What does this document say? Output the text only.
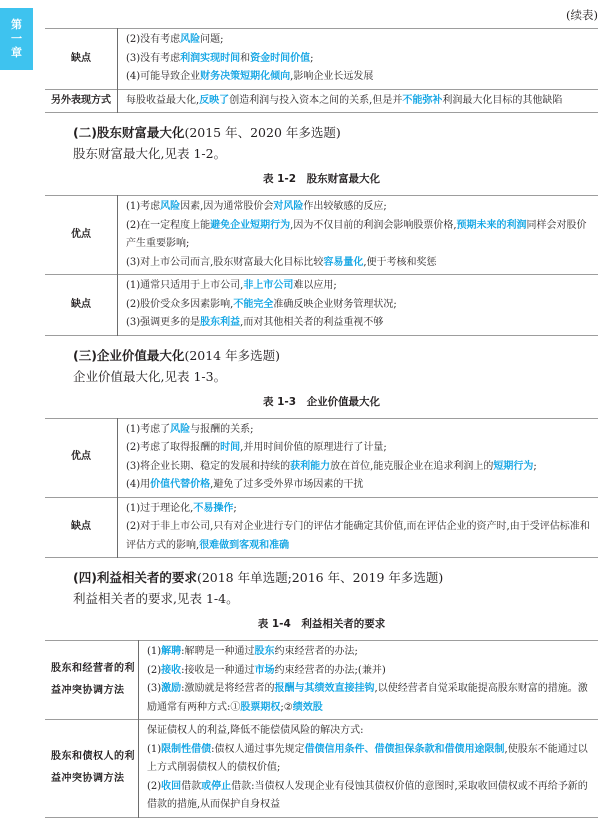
第
一
章
(续表)
缺点	(2)没有考虑风险问题;
(3)没有考虑利润实现时间和资金时间价值;
(4)可能导致企业财务决策短期化倾向,影响企业长远发展

另外表现方式	每股收益最大化,反映了创造利润与投入资本之间的关系,但是并不能弥补利润最大化目标的其他缺陷
(二)股东财富最大化(2015 年、2020 年多选题)
股东财富最大化,见表 1-2。
表 1-2　股东财富最大化
优点	(1)考虑风险因素,因为通常股价会对风险作出较敏感的反应;
(2)在一定程度上能避免企业短期行为,因为不仅目前的利润会影响股票价格,预期未来的利润同样会对股价产生重要影响;
(3)对上市公司而言,股东财富最大化目标比较容易量化,便于考核和奖惩

缺点	(1)通常只适用于上市公司,非上市公司难以应用;
(2)股价受众多因素影响,不能完全准确反映企业财务管理状况;
(3)强调更多的是股东利益,而对其他相关者的利益重视不够
(三)企业价值最大化(2014 年多选题)
企业价值最大化,见表 1-3。
表 1-3　企业价值最大化
优点	(1)考虑了风险与报酬的关系;
(2)考虑了取得报酬的时间,并用时间价值的原理进行了计量;
(3)将企业长期、稳定的发展和持续的获利能力放在首位,能克服企业在追求利润上的短期行为;
(4)用价值代替价格,避免了过多受外界市场因素的干扰

缺点	(1)过于理论化,不易操作;
(2)对于非上市公司,只有对企业进行专门的评估才能确定其价值,而在评估企业的资产时,由于受评估标准和评估方式的影响,很难做到客观和准确
(四)利益相关者的要求(2018 年单选题;2016 年、2019 年多选题)
利益相关者的要求,见表 1-4。
表 1-4　利益相关者的要求
股东和经营者的利益冲突协调方法	(1)解聘:解聘是一种通过股东约束经营者的办法;
(2)接收:接收是一种通过市场约束经营者的办法;(兼并)
(3)激励:激励就是将经营者的报酬与其绩效直接挂钩,以使经营者自觉采取能提高股东财富的措施。激励通常有两种方式:①股票期权;②绩效股

股东和债权人的利益冲突协调方法	保证债权人的利益,降低不能偿债风险的解决方式:
(1)限制性借债:债权人通过事先规定借债信用条件、借债担保条款和借债用途限制,使股东不能通过以上方式削弱债权人的债权价值;
(2)收回借款或停止借款:当债权人发现企业有侵蚀其债权价值的意图时,采取收回债权或不再给予新的借款的措施,从而保护自身权益
